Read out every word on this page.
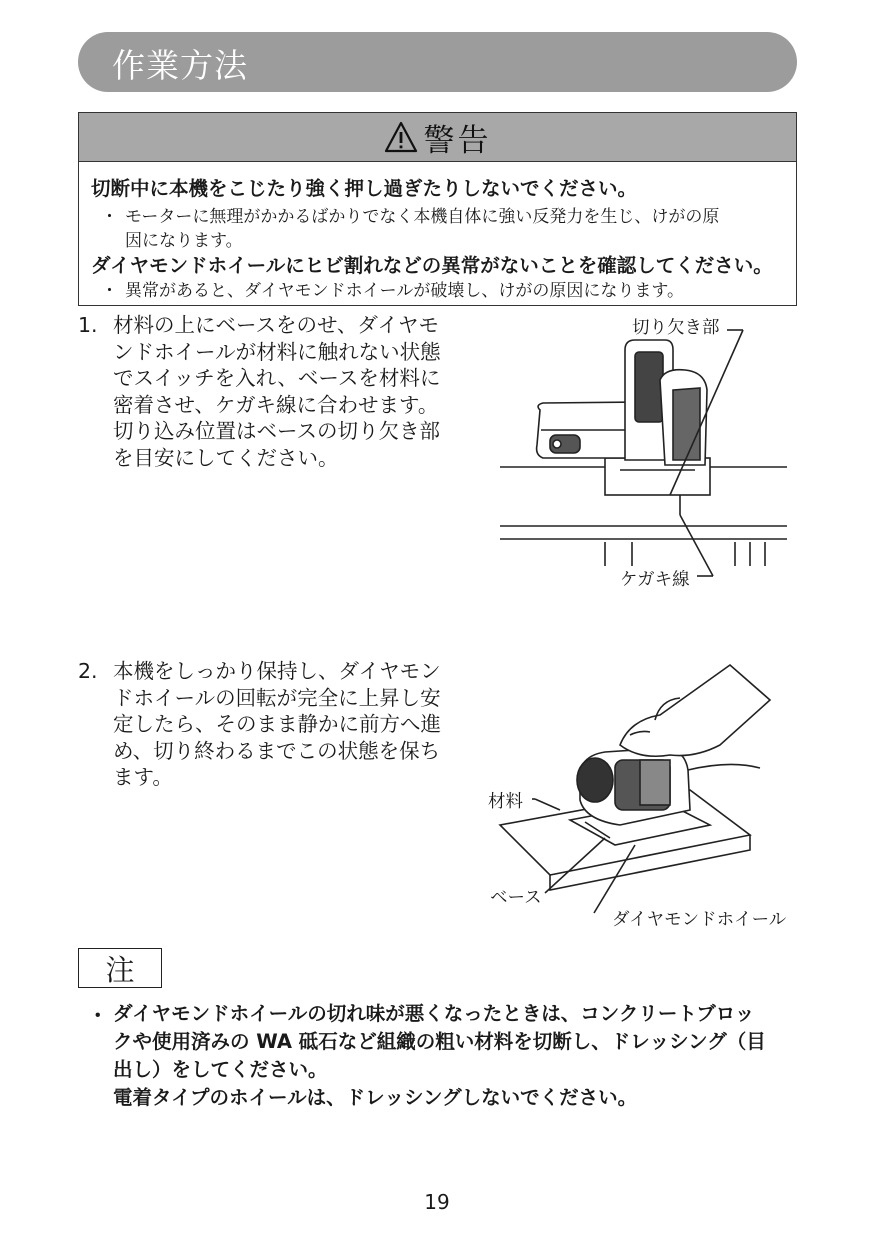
作業方法
警告
切断中に本機をこじたり強く押し過ぎたりしないでください。
・ モーターに無理がかかるばかりでなく本機自体に強い反発力を生じ、けがの原
因になります。
ダイヤモンドホイールにヒビ割れなどの異常がないことを確認してください。
・ 異常があると、ダイヤモンドホイールが破壊し、けがの原因になります。
1. 材料の上にベースをのせ、ダイヤモ
ンドホイールが材料に触れない状態
でスイッチを入れ、ベースを材料に
密着させ、ケガキ線に合わせます。
切り込み位置はベースの切り欠き部
を目安にしてください。
切り欠き部
ケガキ線
2. 本機をしっかり保持し、ダイヤモン
ドホイールの回転が完全に上昇し安
定したら、そのまま静かに前方へ進
め、切り終わるまでこの状態を保ち
ます。
材料
ベース
ダイヤモンドホイール
注
・ ダイヤモンドホイールの切れ味が悪くなったときは、コンクリートブロッ
クや使用済みの WA 砥石など組織の粗い材料を切断し、ドレッシング（目
出し）をしてください。
電着タイプのホイールは、ドレッシングしないでください。
19
